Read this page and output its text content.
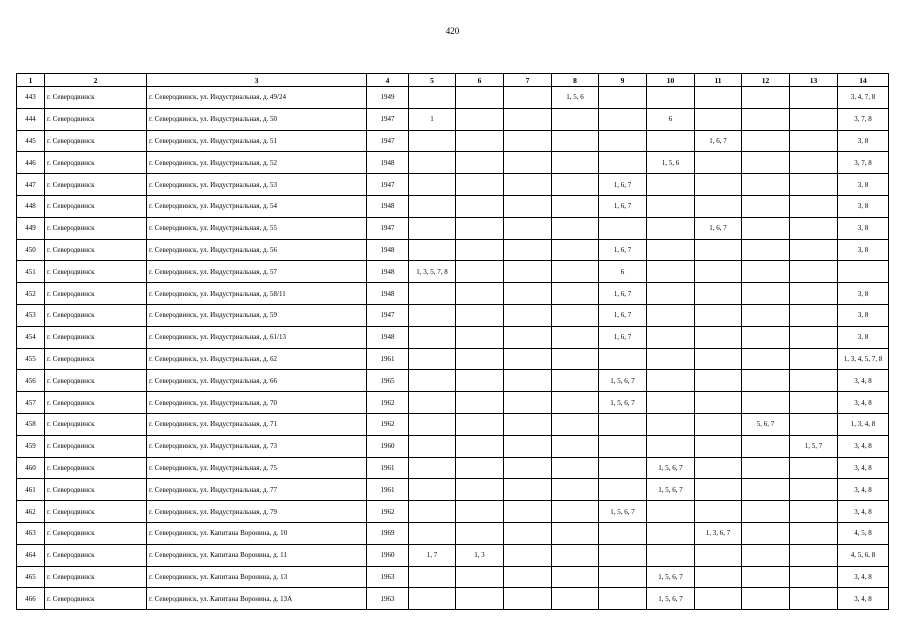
420
1	2	3	4	5	6	7	8	9	10	11	12	13	14
443	г. Северодвинск	г. Северодвинск, ул. Индустриальная, д. 49/24	1949				1, 5, 6						3, 4, 7, 8
444	г. Северодвинск	г. Северодвинск, ул. Индустриальная, д. 50	1947	1					6				3, 7, 8
445	г. Северодвинск	г. Северодвинск, ул. Индустриальная, д. 51	1947							1, 6, 7			3, 8
446	г. Северодвинск	г. Северодвинск, ул. Индустриальная, д. 52	1948						1, 5, 6				3, 7, 8
447	г. Северодвинск	г. Северодвинск, ул. Индустриальная, д. 53	1947					1, 6, 7					3, 8
448	г. Северодвинск	г. Северодвинск, ул. Индустриальная, д. 54	1948					1, 6, 7					3, 8
449	г. Северодвинск	г. Северодвинск, ул. Индустриальная, д. 55	1947							1, 6, 7			3, 8
450	г. Северодвинск	г. Северодвинск, ул. Индустриальная, д. 56	1948					1, 6, 7					3, 8
451	г. Северодвинск	г. Северодвинск, ул. Индустриальная, д. 57	1948	1, 3, 5, 7, 8				6					
452	г. Северодвинск	г. Северодвинск, ул. Индустриальная, д. 58/11	1948					1, 6, 7					3, 8
453	г. Северодвинск	г. Северодвинск, ул. Индустриальная, д. 59	1947					1, 6, 7					3, 8
454	г. Северодвинск	г. Северодвинск, ул. Индустриальная, д. 61/13	1948					1, 6, 7					3, 8
455	г. Северодвинск	г. Северодвинск, ул. Индустриальная, д. 62	1961										1, 3, 4, 5, 7, 8
456	г. Северодвинск	г. Северодвинск, ул. Индустриальная, д. 66	1965					1, 5, 6, 7					3, 4, 8
457	г. Северодвинск	г. Северодвинск, ул. Индустриальная, д. 70	1962					1, 5, 6, 7					3, 4, 8
458	г. Северодвинск	г. Северодвинск, ул. Индустриальная, д. 71	1962								5, 6, 7		1, 3, 4, 8
459	г. Северодвинск	г. Северодвинск, ул. Индустриальная, д. 73	1960									1, 5, 7	3, 4, 8
460	г. Северодвинск	г. Северодвинск, ул. Индустриальная, д. 75	1961						1, 5, 6, 7				3, 4, 8
461	г. Северодвинск	г. Северодвинск, ул. Индустриальная, д. 77	1961						1, 5, 6, 7				3, 4, 8
462	г. Северодвинск	г. Северодвинск, ул. Индустриальная, д. 79	1962					1, 5, 6, 7					3, 4, 8
463	г. Северодвинск	г. Северодвинск, ул. Капитана Воронина, д. 10	1969							1, 3, 6, 7			4, 5, 8
464	г. Северодвинск	г. Северодвинск, ул. Капитана Воронина, д. 11	1960	1, 7	1, 3								4, 5, 6, 8
465	г. Северодвинск	г. Северодвинск, ул. Капитана Воронина, д. 13	1963						1, 5, 6, 7				3, 4, 8
466	г. Северодвинск	г. Северодвинск, ул. Капитана Воронина, д. 13А	1963						1, 5, 6, 7				3, 4, 8
